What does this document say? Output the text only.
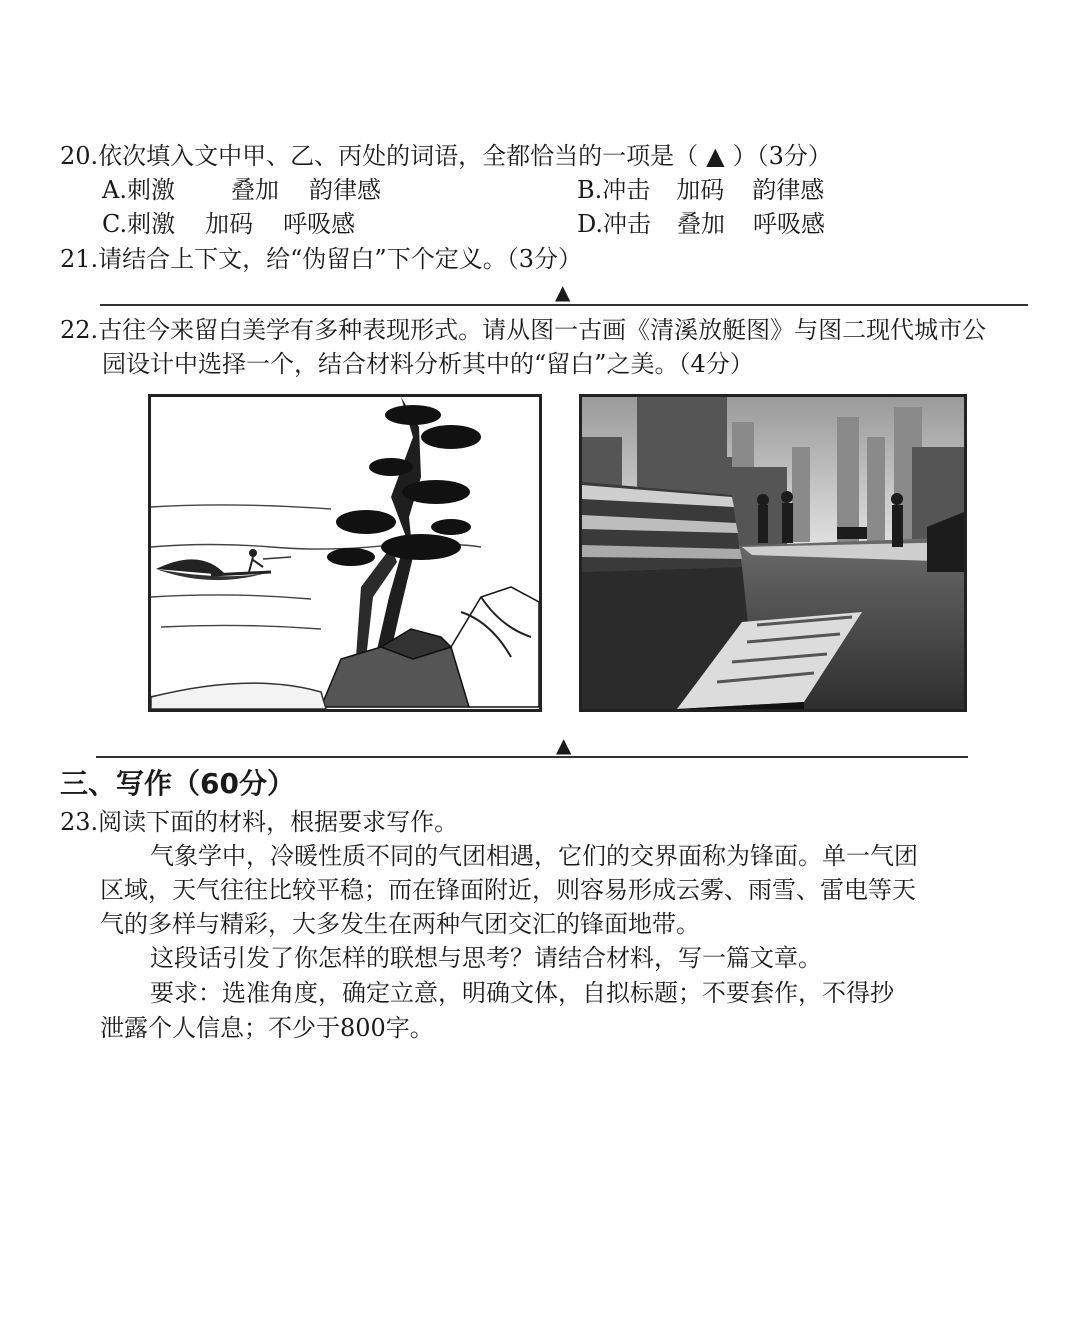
20.依次填入文中甲、乙、丙处的词语，全都恰当的一项是（ ▲ ）（3分）
A.刺激 叠加 韵律感	B.冲击 加码 韵律感
C.刺激 加码 呼吸感	D.冲击 叠加 呼吸感
21.请结合上下文，给“伪留白”下个定义。（3分）
▲
22.古往今来留白美学有多种表现形式。请从图一古画《清溪放艇图》与图二现代城市公
园设计中选择一个，结合材料分析其中的“留白”之美。（4分）
▲
三、写作（60分）
23.阅读下面的材料，根据要求写作。
气象学中，冷暖性质不同的气团相遇，它们的交界面称为锋面。单一气团
区域，天气往往比较平稳；而在锋面附近，则容易形成云雾、雨雪、雷电等天
气的多样与精彩，大多发生在两种气团交汇的锋面地带。
这段话引发了你怎样的联想与思考？请结合材料，写一篇文章。
要求：选准角度，确定立意，明确文体，自拟标题；不要套作，不得抄
泄露个人信息；不少于800字。
